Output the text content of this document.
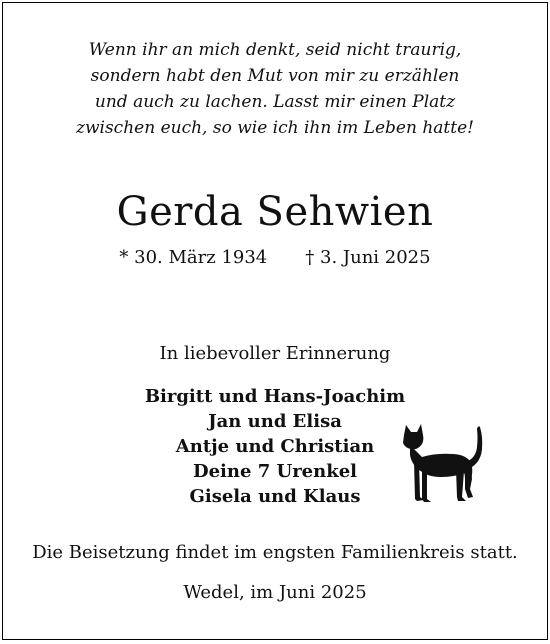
Wenn ihr an mich denkt, seid nicht traurig,
sondern habt den Mut von mir zu erzählen
und auch zu lachen. Lasst mir einen Platz
zwischen euch, so wie ich ihn im Leben hatte!
Gerda Sehwien
* 30. März 1934 † 3. Juni 2025
In liebevoller Erinnerung
Birgitt und Hans-Joachim
Jan und Elisa
Antje und Christian
Deine 7 Urenkel
Gisela und Klaus
Die Beisetzung findet im engsten Familienkreis statt.
Wedel, im Juni 2025
